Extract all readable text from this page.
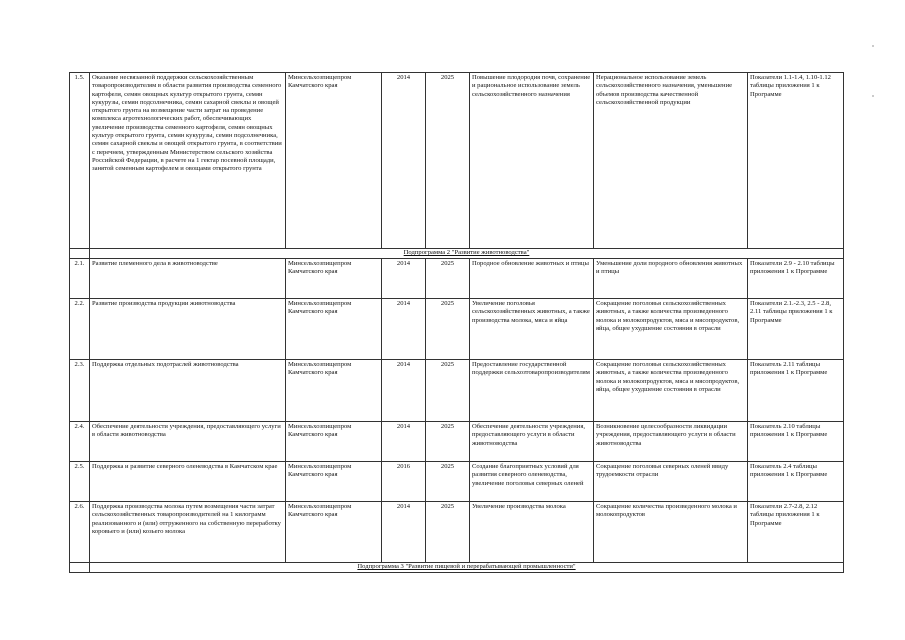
1.5.	Оказание несвязанной поддержки сельскохозяйственным товаропроизводителям в области развития производства семенного картофеля, семян овощных культур открытого грунта, семян кукурузы, семян подсолнечника, семян сахарной свеклы и овощей открытого грунта на возмещение части затрат на проведение комплекса агротехнологических работ, обеспечивающих увеличение производства семенного картофеля, семян овощных культур открытого грунта, семян кукурузы, семян подсолнечника, семян сахарной свеклы и овощей открытого грунта, в соответствии с перечнем, утвержденным Министерством сельского хозяйства Российской Федерации, в расчете на 1 гектар посевной площади, занятой семенным картофелем и овощами открытого грунта	Минсельхозпищепром Камчатского края	2014	2025	Повышение плодородия почв, сохранение и рациональное использование земель сельскохозяйственного назначения	Нерациональное использование земель сельскохозяйственного назначения, уменьшение объемов производства качественной сельскохозяйственной продукции	Показатели 1.1-1.4, 1.10-1.12 таблицы приложения 1 к Программе
	Подпрограмма 2 "Развитие животноводства"						
2.1.	Развитие племенного дела в животноводстве	Минсельхозпищепром Камчатского края	2014	2025	Породное обновление животных и птицы	Уменьшение доли породного обновления животных и птицы	Показатели 2.9 - 2.10 таблицы приложения 1 к Программе
2.2.	Развитие производства продукции животноводства	Минсельхозпищепром Камчатского края	2014	2025	Увеличение поголовья сельскохозяйственных животных, а также производства молока, мяса и яйца	Сокращение поголовья сельскохозяйственных животных, а также количества произведенного молока и молокопродуктов, мяса и мясопродуктов, яйца, общее ухудшение состояния в отрасли	Показатели 2.1.-2.3, 2.5 - 2.8, 2.11 таблицы приложения 1 к Программе
2.3.	Поддержка отдельных подотраслей животноводства	Минсельхозпищепром Камчатского края	2014	2025	Предоставление государственной поддержки сельхозтоваропроизводителям	Сокращение поголовья сельскохозяйственных животных, а также количества произведенного молока и молокопродуктов, мяса и мясопродуктов, яйца, общее ухудшение состояния в отрасли	Показатель 2.11 таблицы приложения 1 к Программе
2.4.	Обеспечение деятельности учреждения, предоставляющего услуги в области животноводства	Минсельхозпищепром Камчатского края	2014	2025	Обеспечение деятельности учреждения, предоставляющего услуги в области животноводства	Возникновение целесообразности ликвидации учреждения, предоставляющего услуги в области животноводства	Показатель 2.10 таблицы приложения 1 к Программе
2.5.	Поддержка и развитие северного оленеводства в Камчатском крае	Минсельхозпищепром Камчатского края	2016	2025	Создание благоприятных условий для развития северного оленеводства, увеличение поголовья северных оленей	Сокращение поголовья северных оленей ввиду трудоемкости отрасли	Показатель 2.4 таблицы приложения 1 к Программе
2.6.	Поддержка производства молока путем возмещения части затрат сельскохозяйственных товаропроизводителей на 1 килограмм реализованного и (или) отгруженного на собственную переработку коровьего и (или) козьего молока	Минсельхозпищепром Камчатского края	2014	2025	Увеличение производства молока	Сокращение количества произведенного молока и молокопродуктов	Показатели 2.7-2.8, 2.12 таблицы приложения 1 к Программе
	Подпрограмма 3 "Развитие пищевой и перерабатывающей промышленности"						
